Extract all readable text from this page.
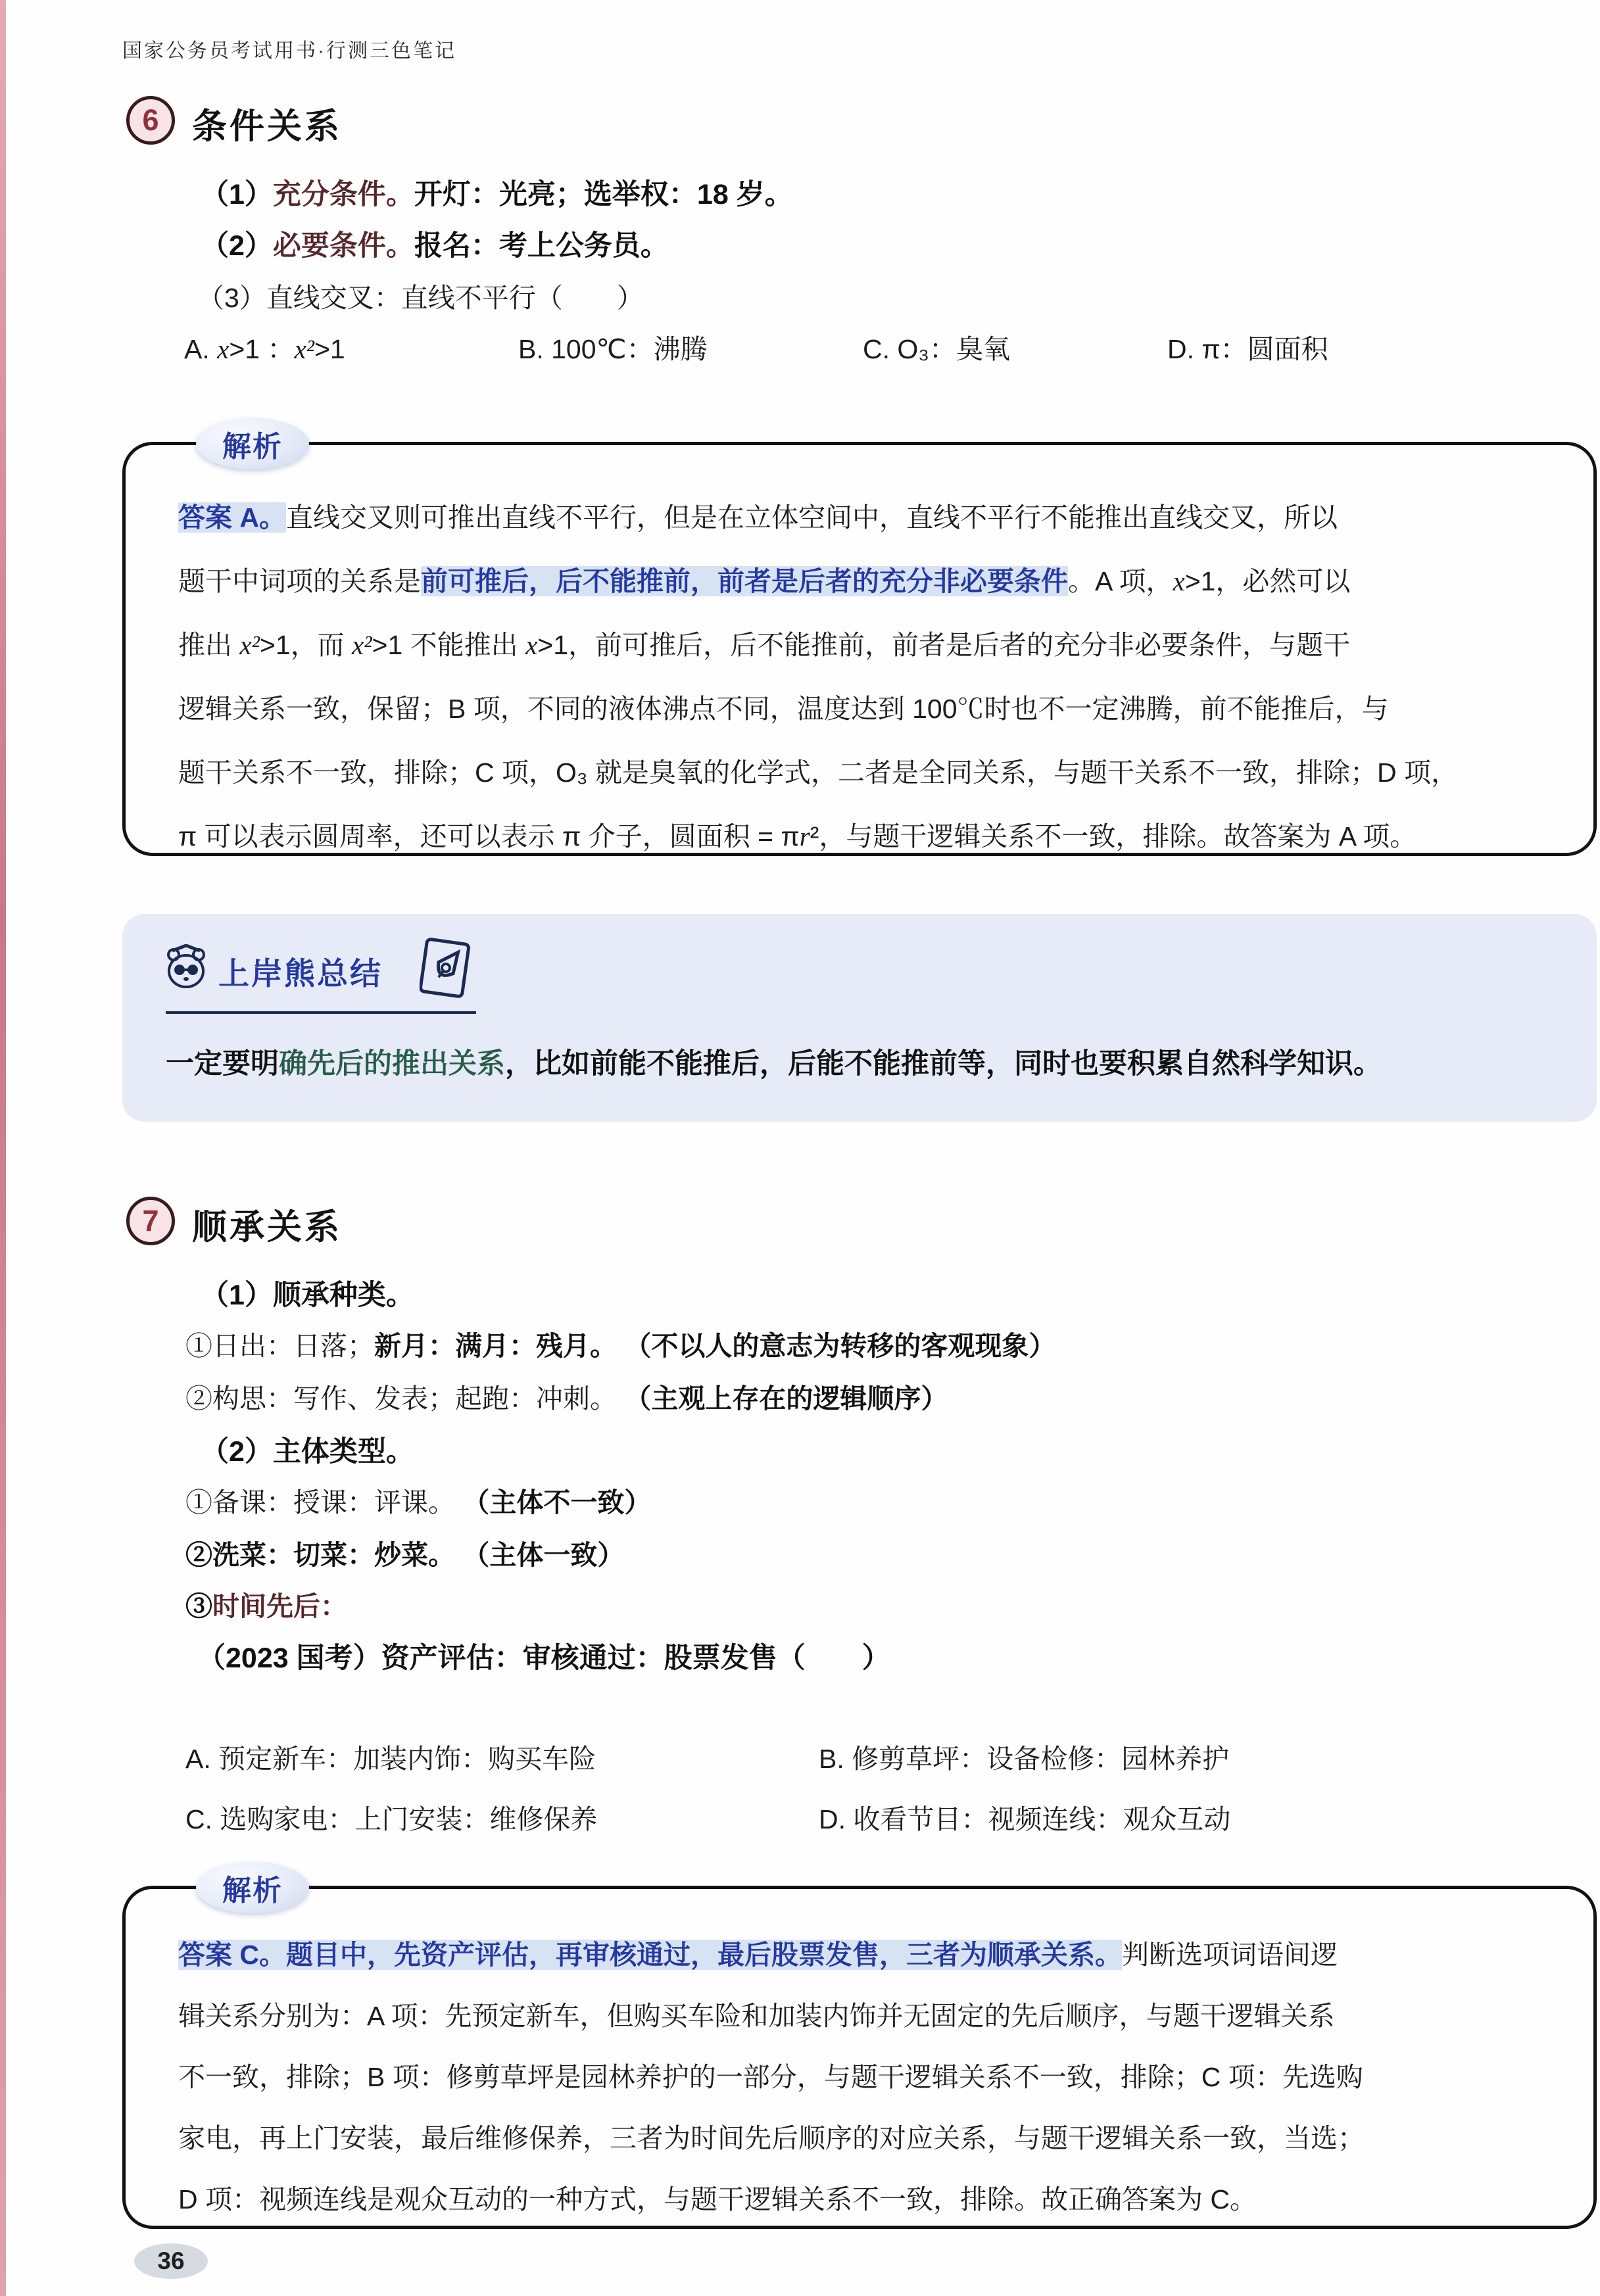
国家公务员考试用书·行测三色笔记
6 条件关系
（1）充分条件。开灯：光亮；选举权：18 岁。
（2）必要条件。报名：考上公务员。
（3）直线交叉：直线不平行（　　）
A. x>1 ：x²>1	B. 100℃：沸腾	C. O₃：臭氧	D. π：圆面积
解析
答案 A。直线交叉则可推出直线不平行，但是在立体空间中，直线不平行不能推出直线交叉，所以
题干中词项的关系是前可推后，后不能推前，前者是后者的充分非必要条件。A 项，x>1，必然可以
推出 x²>1，而 x²>1 不能推出 x>1，前可推后，后不能推前，前者是后者的充分非必要条件，与题干
逻辑关系一致，保留；B 项，不同的液体沸点不同，温度达到 100℃时也不一定沸腾，前不能推后，与
题干关系不一致，排除；C 项，O₃ 就是臭氧的化学式，二者是全同关系，与题干关系不一致，排除；D 项，
π 可以表示圆周率，还可以表示 π 介子，圆面积 = πr²，与题干逻辑关系不一致，排除。故答案为 A 项。
上岸熊总结
一定要明确先后的推出关系，比如前能不能推后，后能不能推前等，同时也要积累自然科学知识。
7 顺承关系
（1）顺承种类。
①日出：日落；新月：满月：残月。 （不以人的意志为转移的客观现象）
②构思：写作、发表；起跑：冲刺。 （主观上存在的逻辑顺序）
（2）主体类型。
①备课：授课：评课。 （主体不一致）
②洗菜：切菜：炒菜。 （主体一致）
③时间先后：
（2023 国考）资产评估：审核通过：股票发售（　　）
A. 预定新车：加装内饰：购买车险	B. 修剪草坪：设备检修：园林养护
C. 选购家电：上门安装：维修保养	D. 收看节目：视频连线：观众互动
解析
答案 C。题目中，先资产评估，再审核通过，最后股票发售，三者为顺承关系。判断选项词语间逻
辑关系分别为：A 项：先预定新车，但购买车险和加装内饰并无固定的先后顺序，与题干逻辑关系
不一致，排除；B 项：修剪草坪是园林养护的一部分，与题干逻辑关系不一致，排除；C 项：先选购
家电，再上门安装，最后维修保养，三者为时间先后顺序的对应关系，与题干逻辑关系一致，当选；
D 项：视频连线是观众互动的一种方式，与题干逻辑关系不一致，排除。故正确答案为 C。
36
